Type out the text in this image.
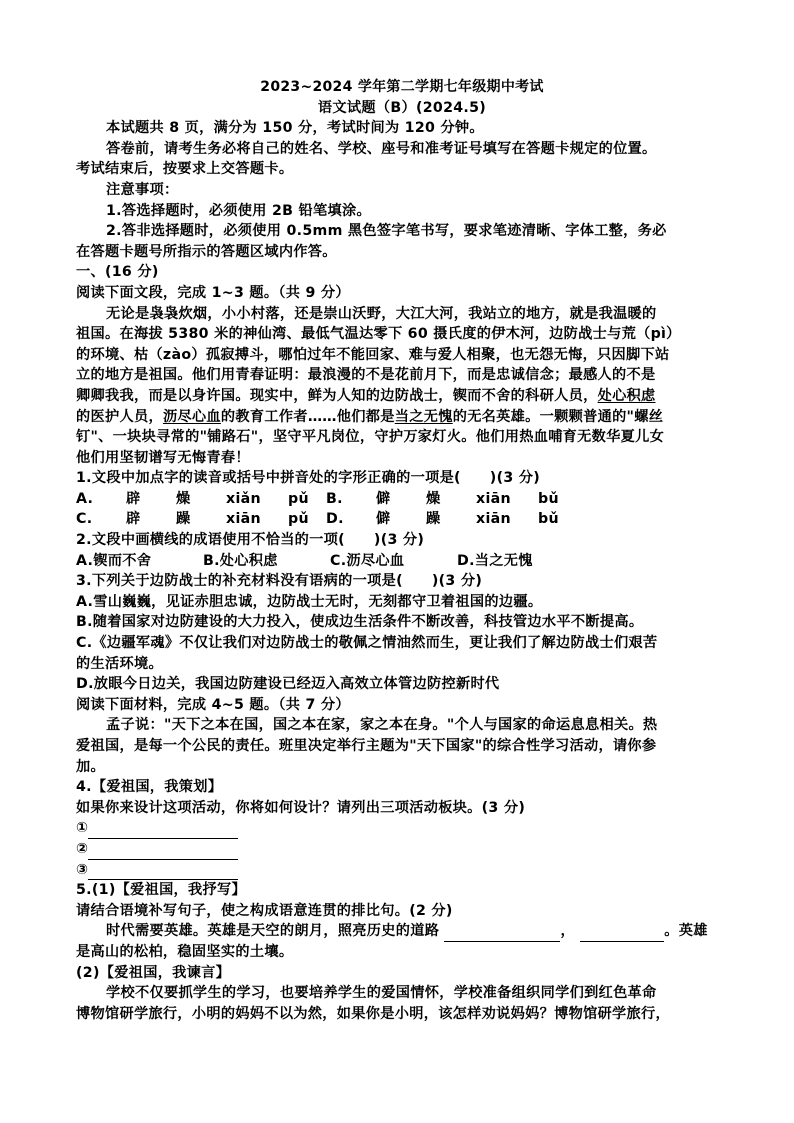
2023~2024 学年第二学期七年级期中考试
语文试题（B）(2024.5)
本试题共 8 页，满分为 150 分，考试时间为 120 分钟。
答卷前，请考生务必将自己的姓名、学校、座号和准考证号填写在答题卡规定的位置。
考试结束后，按要求上交答题卡。
注意事项：
1.答选择题时，必须使用 2B 铅笔填涂。
2.答非选择题时，必须使用 0.5mm 黑色签字笔书写，要求笔迹清晰、字体工整，务必
在答题卡题号所指示的答题区域内作答。
一、(16 分)
阅读下面文段，完成 1~3 题。（共 9 分）
无论是袅袅炊烟，小小村落，还是崇山沃野，大江大河，我站立的地方，就是我温暖的
祖国。在海拔 5380 米的神仙湾、最低气温达零下 60 摄氏度的伊木河，边防战士与荒（pì）
的环境、枯（zào）孤寂搏斗，哪怕过年不能回家、难与爱人相聚，也无怨无悔，只因脚下站
立的地方是祖国。他们用青春证明：最浪漫的不是花前月下，而是忠诚信念；最感人的不是
卿卿我我，而是以身许国。现实中，鲜为人知的边防战士，锲而不舍的科研人员，处心积虑
的医护人员，沥尽心血的教育工作者……他们都是当之无愧的无名英雄。一颗颗普通的"螺丝
钉"、一块块寻常的"铺路石"，坚守平凡岗位，守护万家灯火。他们用热血哺育无数华夏儿女
他们用坚韧谱写无悔青春！
1.文段中加点字的读音或括号中拼音处的字形正确的一项是(　　)(3 分)
A.	辟	燥	xiǎn	pǔ B.	僻	燥	xiān	bǔ
C.	辟	躁	xiān	pǔ D.	僻	躁	xiān	bǔ
2.文段中画横线的成语使用不恰当的一项(　　)(3 分)
A.锲而不舍	B.处心积虑	C.沥尽心血	D.当之无愧
3.下列关于边防战士的补充材料没有语病的一项是(　　)(3 分)
A.雪山巍巍，见证赤胆忠诚，边防战士无时，无刻都守卫着祖国的边疆。
B.随着国家对边防建设的大力投入，使成边生活条件不断改善，科技管边水平不断提高。
C.《边疆军魂》不仅让我们对边防战士的敬佩之情油然而生，更让我们了解边防战士们艰苦
的生活环境。
D.放眼今日边关，我国边防建设已经迈入高效立体管边防控新时代
阅读下面材料，完成 4~5 题。（共 7 分）
孟子说："天下之本在国，国之本在家，家之本在身。"个人与国家的命运息息相关。热
爱祖国，是每一个公民的责任。班里决定举行主题为"天下国家"的综合性学习活动，请你参
加。
4.【爱祖国，我策划】
如果你来设计这项活动，你将如何设计？请列出三项活动板块。(3 分)
①
②
③
5.(1)【爱祖国，我抒写】
请结合语境补写句子，使之构成语意连贯的排比句。(2 分)
时代需要英雄。英雄是天空的朗月，照亮历史的道路	，	。英雄
是高山的松柏，稳固坚实的土壤。
(2)【爱祖国，我谏言】
学校不仅要抓学生的学习，也要培养学生的爱国情怀，学校准备组织同学们到红色革命
博物馆研学旅行，小明的妈妈不以为然，如果你是小明，该怎样劝说妈妈？博物馆研学旅行，
